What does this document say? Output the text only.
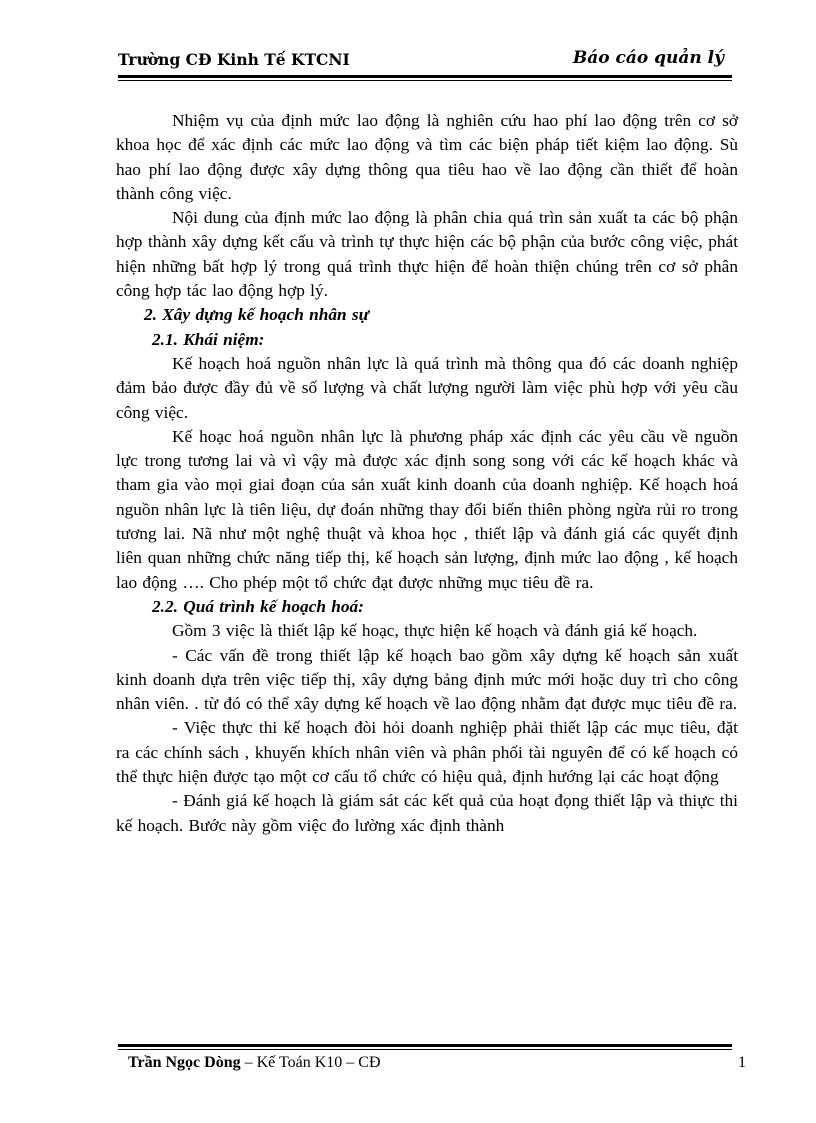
Trường CĐ Kinh Tế KTCNI	Báo cáo quản lý

Nhiệm vụ của định mức lao động là nghiên cứu hao phí lao động trên cơ sở khoa học để xác định các mức lao động và tìm các biện pháp tiết kiệm lao động. Sù hao phí lao động được xây dựng thông qua tiêu hao về lao động cần thiết để hoàn thành công việc.

Nội dung của định mức lao động là phân chia quá trìn sản xuất ta các bộ phận hợp thành xây dựng kết cấu và trình tự thực hiện các bộ phận của bước công việc, phát hiện những bất hợp lý trong quá trình thực hiện để hoàn thiện chúng trên cơ sở phân công hợp tác lao động hợp lý.

2. Xây dựng kế hoạch nhân sự

2.1. Khái niệm:

Kế hoạch hoá nguồn nhân lực là quá trình mà thông qua đó các doanh nghiệp đảm bảo được đầy đủ về số lượng và chất lượng người làm việc phù hợp với yêu cầu công việc.

Kế hoạc hoá nguồn nhân lực là phương pháp xác định các yêu cầu về nguồn lực trong tương lai và vì vậy mà được xác định song song với các kế hoạch khác và tham gia vào mọi giai đoạn của sản xuất kinh doanh của doanh nghiệp. Kế hoạch hoá nguồn nhân lực là tiên liệu, dự đoán những thay đổi biến thiên phòng ngừa rủi ro trong tương lai. Nã như một nghệ thuật và khoa học , thiết lập và đánh giá các quyết định liên quan những chức năng tiếp thị, kế hoạch sản lượng, định mức lao động , kế hoạch lao động …. Cho phép một tổ chức đạt được những mục tiêu đề ra.

2.2. Quá trình kế hoạch hoá:

Gồm 3 việc là thiết lập kế hoạc, thực hiện kế hoạch và đánh giá kế hoạch.

- Các vấn đề trong thiết lập kế hoạch bao gồm xây dựng kế hoạch sản xuất kinh doanh dựa trên việc tiếp thị, xây dựng bảng định mức mới hoặc duy trì cho công nhân viên. . từ đó có thể xây dựng kế hoạch về lao động nhằm đạt được mục tiêu đề ra.

- Việc thực thi kế hoạch đòi hỏi doanh nghiệp phải thiết lập các mục tiêu, đặt ra các chính sách , khuyến khích nhân viên và phân phối tài nguyên để có kế hoạch có thể thực hiện được tạo một cơ cấu tổ chức có hiệu quả, định hướng lại các hoạt động

- Đánh giá kế hoạch là giám sát các kết quả của hoạt đọng thiết lập và thiực thi kế hoạch. Bước này gồm việc đo lường xác định thành

Trần Ngọc Dòng – Kế Toán K10 – CĐ	1
